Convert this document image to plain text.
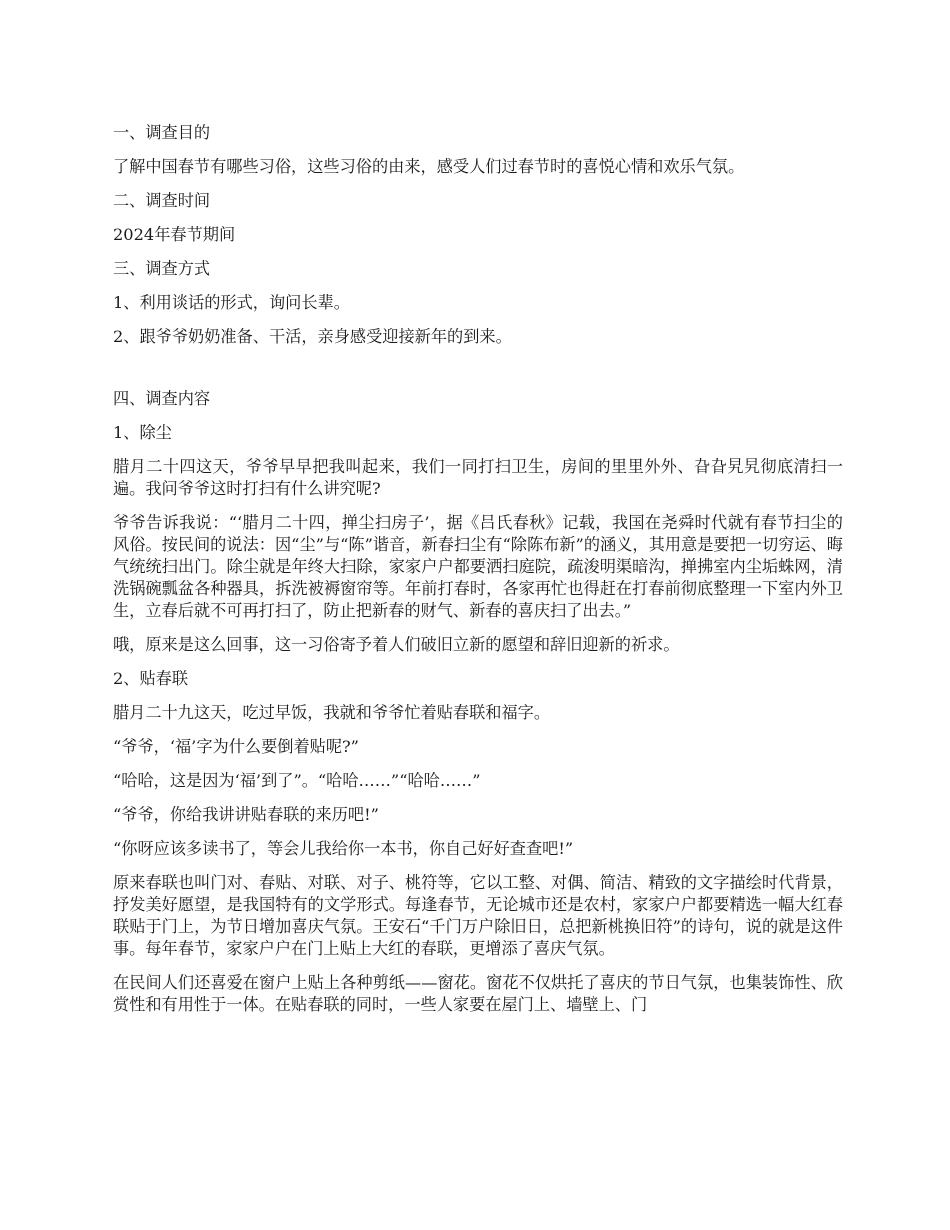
一、调查目的

了解中国春节有哪些习俗，这些习俗的由来，感受人们过春节时的喜悦心情和欢乐气氛。

二、调查时间

2024年春节期间

三、调查方式

1、利用谈话的形式，询问长辈。

2、跟爷爷奶奶准备、干活，亲身感受迎接新年的到来。

四、调查内容

1、除尘

腊月二十四这天，爷爷早早把我叫起来，我们一同打扫卫生，房间的里里外外、旮旮旯旯彻底清扫一遍。我问爷爷这时打扫有什么讲究呢?

爷爷告诉我说：“‘腊月二十四，掸尘扫房子’，据《吕氏春秋》记载，我国在尧舜时代就有春节扫尘的风俗。按民间的说法：因“尘”与“陈”谐音，新春扫尘有“除陈布新”的涵义，其用意是要把一切穷运、晦气统统扫出门。除尘就是年终大扫除，家家户户都要洒扫庭院，疏浚明渠暗沟，掸拂室内尘垢蛛网，清洗锅碗瓢盆各种器具，拆洗被褥窗帘等。年前打春时，各家再忙也得赶在打春前彻底整理一下室内外卫生，立春后就不可再打扫了，防止把新春的财气、新春的喜庆扫了出去。”

哦，原来是这么回事，这一习俗寄予着人们破旧立新的愿望和辞旧迎新的祈求。

2、贴春联

腊月二十九这天，吃过早饭，我就和爷爷忙着贴春联和福字。

“爷爷，‘福’字为什么要倒着贴呢?”

“哈哈，这是因为‘福’到了”。“哈哈……”“哈哈……”

“爷爷，你给我讲讲贴春联的来历吧!”

“你呀应该多读书了，等会儿我给你一本书，你自己好好查查吧!”

原来春联也叫门对、春贴、对联、对子、桃符等，它以工整、对偶、简洁、精致的文字描绘时代背景，抒发美好愿望，是我国特有的文学形式。每逢春节，无论城市还是农村，家家户户都要精选一幅大红春联贴于门上，为节日增加喜庆气氛。王安石“千门万户除旧日，总把新桃换旧符”的诗句，说的就是这件事。每年春节，家家户户在门上贴上大红的春联，更增添了喜庆气氛。

在民间人们还喜爱在窗户上贴上各种剪纸——窗花。窗花不仅烘托了喜庆的节日气氛，也集装饰性、欣赏性和有用性于一体。在贴春联的同时，一些人家要在屋门上、墙壁上、门
